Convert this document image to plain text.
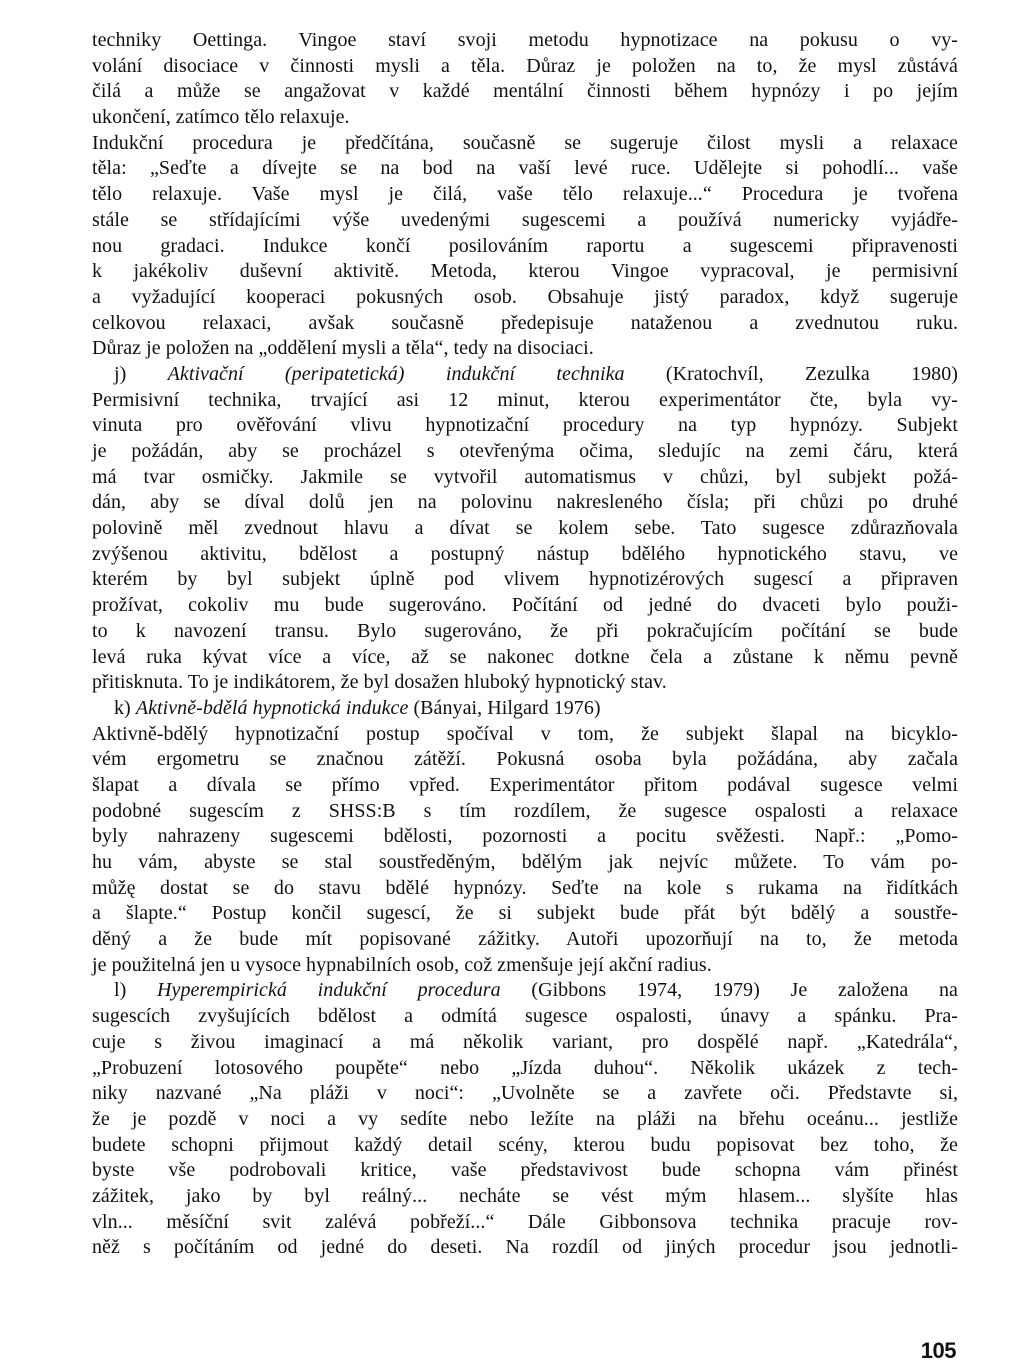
techniky Oettinga. Vingoe staví svoji metodu hypnotizace na pokusu o vy-
volání disociace v činnosti mysli a těla. Důraz je položen na to, že mysl zůstává
čilá a může se angažovat v každé mentální činnosti během hypnózy i po jejím
ukončení, zatímco tělo relaxuje.
Indukční procedura je předčítána, současně se sugeruje čilost mysli a relaxace
těla: „Seďte a dívejte se na bod na vaší levé ruce. Udělejte si pohodlí... vaše
tělo relaxuje. Vaše mysl je čilá, vaše tělo relaxuje...“ Procedura je tvořena
stále se střídajícími výše uvedenými sugescemi a používá numericky vyjádře-
nou gradaci. Indukce končí posilováním raportu a sugescemi připravenosti
k jakékoliv duševní aktivitě. Metoda, kterou Vingoe vypracoval, je permisivní
a vyžadující kooperaci pokusných osob. Obsahuje jistý paradox, když sugeruje
celkovou relaxaci, avšak současně předepisuje nataženou a zvednutou ruku.
Důraz je položen na „oddělení mysli a těla“, tedy na disociaci.
j) Aktivační (peripatetická) indukční technika (Kratochvíl, Zezulka 1980)
Permisivní technika, trvající asi 12 minut, kterou experimentátor čte, byla vy-
vinuta pro ověřování vlivu hypnotizační procedury na typ hypnózy. Subjekt
je požádán, aby se procházel s otevřenýma očima, sledujíc na zemi čáru, která
má tvar osmičky. Jakmile se vytvořil automatismus v chůzi, byl subjekt požá-
dán, aby se díval dolů jen na polovinu nakresleného čísla; při chůzi po druhé
polovině měl zvednout hlavu a dívat se kolem sebe. Tato sugesce zdůrazňovala
zvýšenou aktivitu, bdělost a postupný nástup bdělého hypnotického stavu, ve
kterém by byl subjekt úplně pod vlivem hypnotizérových sugescí a připraven
prožívat, cokoliv mu bude sugerováno. Počítání od jedné do dvaceti bylo použi-
to k navození transu. Bylo sugerováno, že při pokračujícím počítání se bude
levá ruka kývat více a více, až se nakonec dotkne čela a zůstane k němu pevně
přitisknuta. To je indikátorem, že byl dosažen hluboký hypnotický stav.
k) Aktivně-bdělá hypnotická indukce (Bányai, Hilgard 1976)
Aktivně-bdělý hypnotizační postup spočíval v tom, že subjekt šlapal na bicyklo-
vém ergometru se značnou zátěží. Pokusná osoba byla požádána, aby začala
šlapat a dívala se přímo vpřed. Experimentátor přitom podával sugesce velmi
podobné sugescím z SHSS:B s tím rozdílem, že sugesce ospalosti a relaxace
byly nahrazeny sugescemi bdělosti, pozornosti a pocitu svěžesti. Např.: „Pomo-
hu vám, abyste se stal soustředěným, bdělým jak nejvíc můžete. To vám po-
můžę dostat se do stavu bdělé hypnózy. Seďte na kole s rukama na řidítkách
a šlapte.“ Postup končil sugescí, že si subjekt bude přát být bdělý a soustře-
děný a že bude mít popisované zážitky. Autoři upozorňují na to, že metoda
je použitelná jen u vysoce hypnabilních osob, což zmenšuje její akční radius.
l) Hyperempirická indukční procedura (Gibbons 1974, 1979) Je založena na
sugescích zvyšujících bdělost a odmítá sugesce ospalosti, únavy a spánku. Pra-
cuje s živou imaginací a má několik variant, pro dospělé např. „Katedrála“,
„Probuzení lotosového poupěte“ nebo „Jízda duhou“. Několik ukázek z tech-
niky nazvané „Na pláži v noci“: „Uvolněte se a zavřete oči. Představte si,
že je pozdě v noci a vy sedíte nebo ležíte na pláži na břehu oceánu... jestliže
budete schopni přijmout každý detail scény, kterou budu popisovat bez toho, že
byste vše podrobovali kritice, vaše představivost bude schopna vám přinést
zážitek, jako by byl reálný... necháte se vést mým hlasem... slyšíte hlas
vln... měsíční svit zalévá pobřeží...“ Dále Gibbonsova technika pracuje rov-
něž s počítáním od jedné do deseti. Na rozdíl od jiných procedur jsou jednotli-
105
